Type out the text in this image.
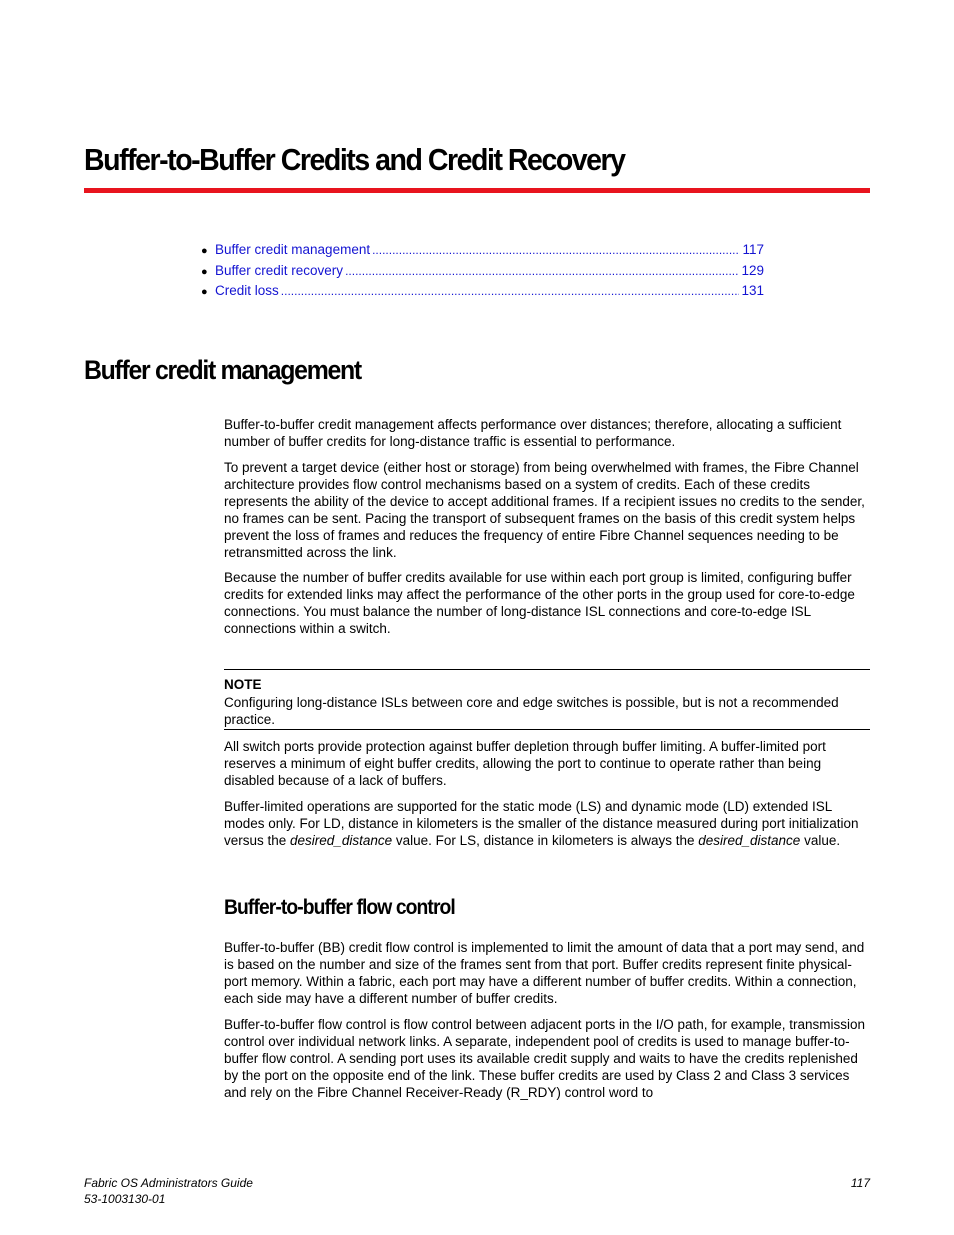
Buffer-to-Buffer Credits and Credit Recovery
● Buffer credit management .....	117
● Buffer credit recovery .....	129
● Credit loss .....	131
Buffer credit management

Buffer-to-buffer credit management affects performance over distances; therefore, allocating a sufficient number of buffer credits for long-distance traffic is essential to performance.

To prevent a target device (either host or storage) from being overwhelmed with frames, the Fibre Channel architecture provides flow control mechanisms based on a system of credits. Each of these credits represents the ability of the device to accept additional frames. If a recipient issues no credits to the sender, no frames can be sent. Pacing the transport of subsequent frames on the basis of this credit system helps prevent the loss of frames and reduces the frequency of entire Fibre Channel sequences needing to be retransmitted across the link.

Because the number of buffer credits available for use within each port group is limited, configuring buffer credits for extended links may affect the performance of the other ports in the group used for core-to-edge connections. You must balance the number of long-distance ISL connections and core-to-edge ISL connections within a switch.

NOTE

Configuring long-distance ISLs between core and edge switches is possible, but is not a recommended practice.

All switch ports provide protection against buffer depletion through buffer limiting. A buffer-limited port reserves a minimum of eight buffer credits, allowing the port to continue to operate rather than being disabled because of a lack of buffers.

Buffer-limited operations are supported for the static mode (LS) and dynamic mode (LD) extended ISL modes only. For LD, distance in kilometers is the smaller of the distance measured during port initialization versus the desired_distance value. For LS, distance in kilometers is always the desired_distance value.

Buffer-to-buffer flow control

Buffer-to-buffer (BB) credit flow control is implemented to limit the amount of data that a port may send, and is based on the number and size of the frames sent from that port. Buffer credits represent finite physical-port memory. Within a fabric, each port may have a different number of buffer credits. Within a connection, each side may have a different number of buffer credits.

Buffer-to-buffer flow control is flow control between adjacent ports in the I/O path, for example, transmission control over individual network links. A separate, independent pool of credits is used to manage buffer-to-buffer flow control. A sending port uses its available credit supply and waits to have the credits replenished by the port on the opposite end of the link. These buffer credits are used by Class 2 and Class 3 services and rely on the Fibre Channel Receiver-Ready (R_RDY) control word to

Fabric OS Administrators Guide

53-1003130-01

117
